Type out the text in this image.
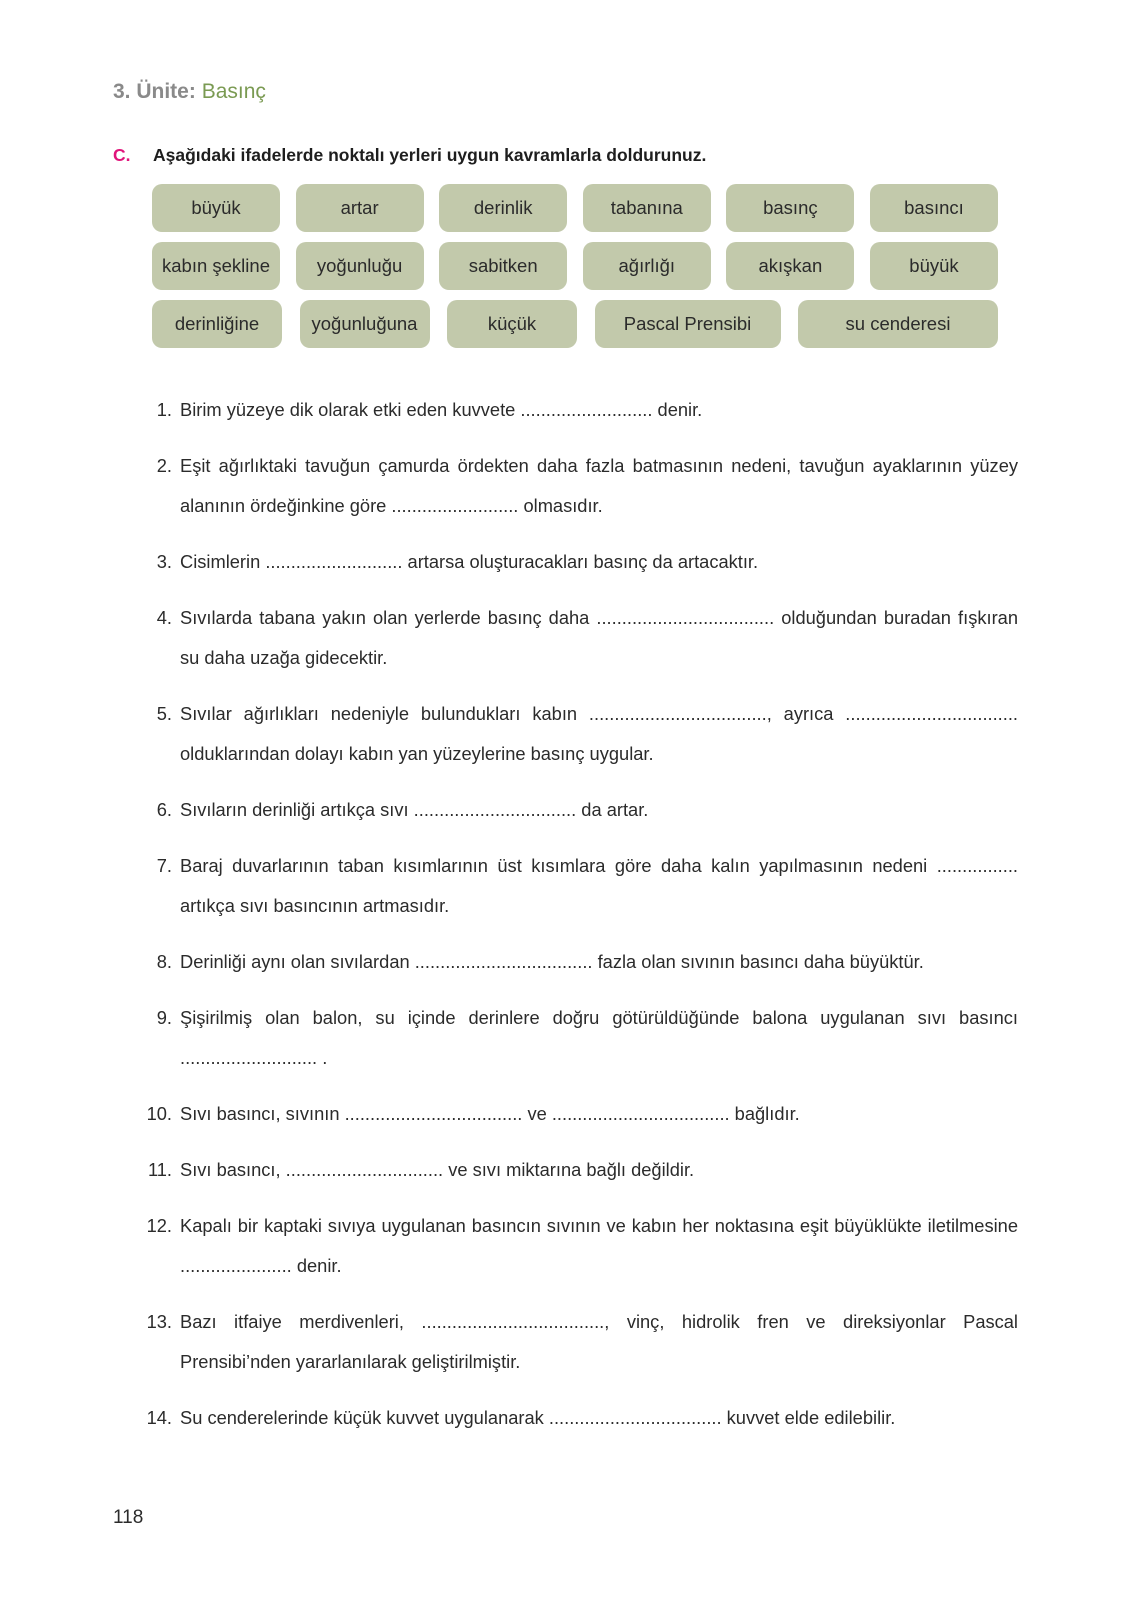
3. Ünite: Basınç
C. Aşağıdaki ifadelerde noktalı yerleri uygun kavramlarla doldurunuz.
büyük	artar	derinlik	tabanına	basınç	basıncı
kabın şekline	yoğunluğu	sabitken	ağırlığı	akışkan	büyük
derinliğine	yoğunluğuna	küçük	Pascal Prensibi	su cenderesi
1. Birim yüzeye dik olarak etki eden kuvvete .......................... denir.
2. Eşit ağırlıktaki tavuğun çamurda ördekten daha fazla batmasının nedeni, tavuğun ayaklarının yüzey alanının ördeğinkine göre ......................... olmasıdır.
3. Cisimlerin ........................... artarsa oluşturacakları basınç da artacaktır.
4. Sıvılarda tabana yakın olan yerlerde basınç daha ................................... olduğundan buradan fışkıran su daha uzağa gidecektir.
5. Sıvılar ağırlıkları nedeniyle bulundukları kabın ..................................., ayrıca .................................. olduklarından dolayı kabın yan yüzeylerine basınç uygular.
6. Sıvıların derinliği artıkça sıvı ................................ da artar.
7. Baraj duvarlarının taban kısımlarının üst kısımlara göre daha kalın yapılmasının nedeni ................ artıkça sıvı basıncının artmasıdır.
8. Derinliği aynı olan sıvılardan ................................... fazla olan sıvının basıncı daha büyüktür.
9. Şişirilmiş olan balon, su içinde derinlere doğru götürüldüğünde balona uygulanan sıvı basıncı ........................... .
10. Sıvı basıncı, sıvının ................................... ve ................................... bağlıdır.
11. Sıvı basıncı, ............................... ve sıvı miktarına bağlı değildir.
12. Kapalı bir kaptaki sıvıya uygulanan basıncın sıvının ve kabın her noktasına eşit büyüklükte iletilmesine ...................... denir.
13. Bazı itfaiye merdivenleri, ...................................., vinç, hidrolik fren ve direksiyonlar Pascal Prensibi’nden yararlanılarak geliştirilmiştir.
14. Su cenderelerinde küçük kuvvet uygulanarak .................................. kuvvet elde edilebilir.
118
